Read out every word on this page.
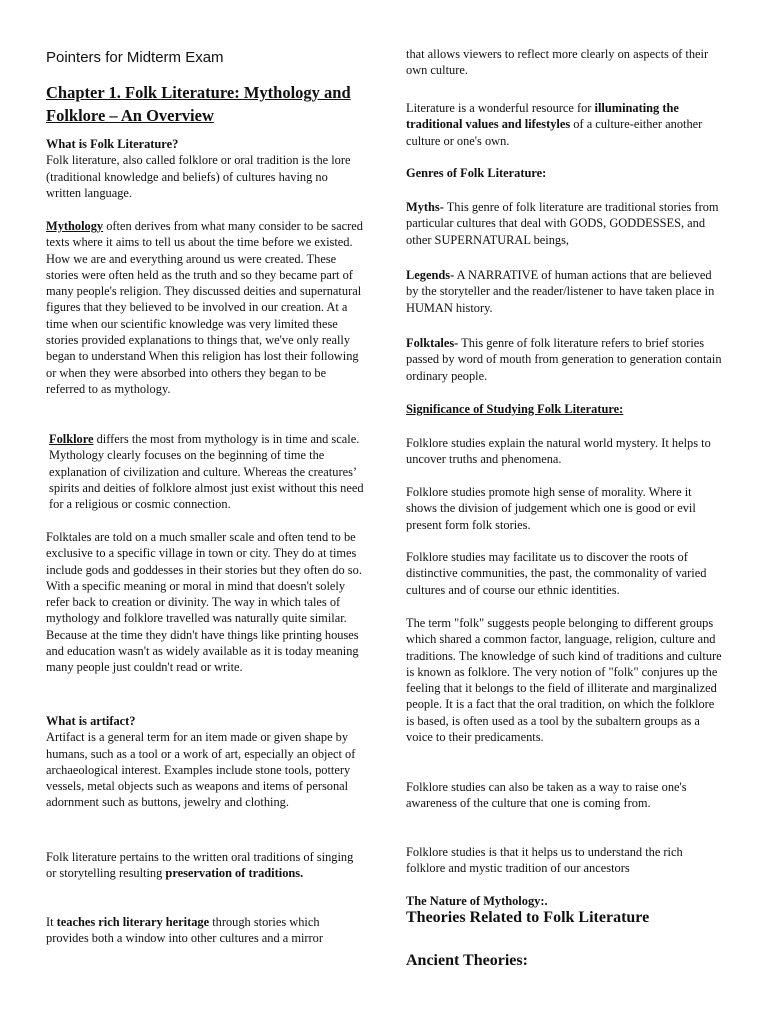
Pointers for Midterm Exam
Chapter 1. Folk Literature: Mythology and Folklore – An Overview

What is Folk Literature?

Folk literature, also called folklore or oral tradition is the lore (traditional knowledge and beliefs) of cultures having no written language.

Mythology often derives from what many consider to be sacred texts where it aims to tell us about the time before we existed. How we are and everything around us were created. These stories were often held as the truth and so they became part of many people's religion. They discussed deities and supernatural figures that they believed to be involved in our creation. At a time when our scientific knowledge was very limited these stories provided explanations to things that, we've only really began to understand When this religion has lost their following or when they were absorbed into others they began to be referred to as mythology.

Folklore differs the most from mythology is in time and scale. Mythology clearly focuses on the beginning of time the explanation of civilization and culture. Whereas the creatures’ spirits and deities of folklore almost just exist without this need for a religious or cosmic connection.

Folktales are told on a much smaller scale and often tend to be exclusive to a specific village in town or city. They do at times include gods and goddesses in their stories but they often do so. With a specific meaning or moral in mind that doesn't solely refer back to creation or divinity. The way in which tales of mythology and folklore travelled was naturally quite similar. Because at the time they didn't have things like printing houses and education wasn't as widely available as it is today meaning many people just couldn't read or write.

What is artifact?

Artifact is a general term for an item made or given shape by humans, such as a tool or a work of art, especially an object of archaeological interest. Examples include stone tools, pottery vessels, metal objects such as weapons and items of personal adornment such as buttons, jewelry and clothing.

Folk literature pertains to the written oral traditions of singing or storytelling resulting preservation of traditions.

It teaches rich literary heritage through stories which provides both a window into other cultures and a mirror

that allows viewers to reflect more clearly on aspects of their own culture.

Literature is a wonderful resource for illuminating the traditional values and lifestyles of a culture-either another culture or one's own.

Genres of Folk Literature:

Myths- This genre of folk literature are traditional stories from particular cultures that deal with GODS, GODDESSES, and other SUPERNATURAL beings,

Legends- A NARRATIVE of human actions that are believed by the storyteller and the reader/listener to have taken place in HUMAN history.

Folktales- This genre of folk literature refers to brief stories passed by word of mouth from generation to generation contain ordinary people.

Significance of Studying Folk Literature:
Folklore studies explain the natural world mystery. It helps to uncover truths and phenomena.
Folklore studies promote high sense of morality. Where it shows the division of judgement which one is good or evil present form folk stories.
Folklore studies may facilitate us to discover the roots of distinctive communities, the past, the commonality of varied cultures and of course our ethnic identities.
The term "folk" suggests people belonging to different groups which shared a common factor, language, religion, culture and traditions. The knowledge of such kind of traditions and culture is known as folklore. The very notion of "folk" conjures up the feeling that it belongs to the field of illiterate and marginalized people. It is a fact that the oral tradition, on which the folklore is based, is often used as a tool by the subaltern groups as a voice to their predicaments.
Folklore studies can also be taken as a way to raise one's awareness of the culture that one is coming from.
Folklore studies is that it helps us to understand the rich folklore and mystic tradition of our ancestors
The Nature of Mythology:.
Theories Related to Folk Literature
Ancient Theories:
